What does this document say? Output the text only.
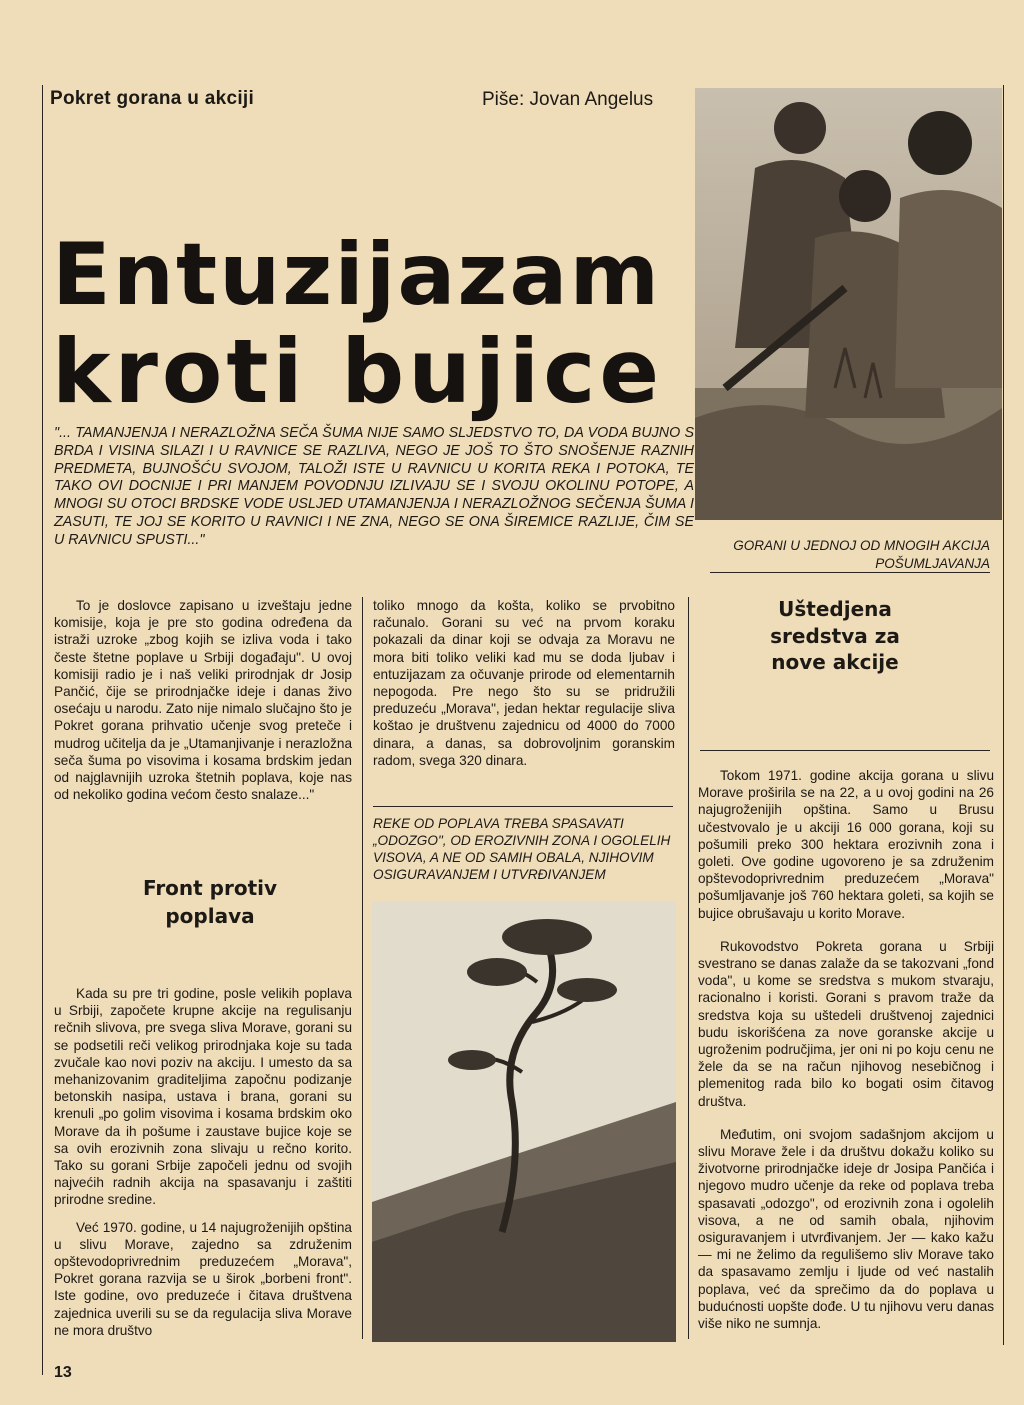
Pokret gorana u akciji	Piše: Jovan Angelus
Entuzijazam
kroti bujice
"... TAMANJENJA I NERAZLOŽNA SEČA ŠUMA NIJE SAMO SLJEDSTVO TO, DA VODA BUJNO S BRDA I VISINA SILAZI I U RAVNICE SE RAZLIVA, NEGO JE JOŠ TO ŠTO SNOŠENJE RAZNIH PREDMETA, BUJNOŠĆU SVOJOM, TALOŽI ISTE U RAVNICU U KORITA REKA I POTOKA, TE TAKO OVI DOCNIJE I PRI MANJEM POVODNJU IZLIVAJU SE I SVOJU OKOLINU POTOPE, A MNOGI SU OTOCI BRDSKE VODE USLJED UTAMANJENJA I NERAZLOŽNOG SEČENJA ŠUMA I ZASUTI, TE JOJ SE KORITO U RAVNICI I NE ZNA, NEGO SE ONA ŠIREMICE RAZLIJE, ČIM SE U RAVNICU SPUSTI..."	GORANI U JEDNOJ OD MNOGIH AKCIJA POŠUMLJAVANJA

To je doslovce zapisano u izveštaju jedne komisije, koja je pre sto godina određena da istraži uzroke „zbog kojih se izliva voda i tako česte štetne poplave u Srbiji događaju". U ovoj komisiji radio je i naš veliki prirodnjak dr Josip Pančić, čije se prirodnjačke ideje i danas živo osećaju u narodu. Zato nije nimalo slučajno što je Pokret gorana prihvatio učenje svog preteče i mudrog učitelja da je „Utamanjivanje i nerazložna seča šuma po visovima i kosama brdskim jedan od najglavnijih uzroka štetnih poplava, koje nas od nekoliko godina većom često snalaze..."

Front protiv poplava

Kada su pre tri godine, posle velikih poplava u Srbiji, započete krupne akcije na regulisanju rečnih slivova, pre svega sliva Morave, gorani su se podsetili reči velikog prirodnjaka koje su tada zvučale kao novi poziv na akciju. I umesto da sa mehanizovanim graditeljima započnu podizanje betonskih nasipa, ustava i brana, gorani su krenuli „po golim visovima i kosama brdskim oko Morave da ih pošume i zaustave bujice koje se sa ovih erozivnih zona slivaju u rečno korito. Tako su gorani Srbije započeli jednu od svojih najvećih radnih akcija na spasavanju i zaštiti prirodne sredine.

Već 1970. godine, u 14 najugroženijih opština u slivu Morave, zajedno sa združenim opštevodoprivrednim preduzećem „Morava", Pokret gorana razvija se u širok „borbeni front". Iste godine, ovo preduzeće i čitava društvena zajednica uverili su se da regulacija sliva Morave ne mora društvo

toliko mnogo da košta, koliko se prvobitno računalo. Gorani su već na prvom koraku pokazali da dinar koji se odvaja za Moravu ne mora biti toliko veliki kad mu se doda ljubav i entuzijazam za očuvanje prirode od elementarnih nepogoda. Pre nego što su se pridružili preduzeću „Morava", jedan hektar regulacije sliva koštao je društvenu zajednicu od 4000 do 7000 dinara, a danas, sa dobrovoljnim goranskim radom, svega 320 dinara.

REKE OD POPLAVA TREBA SPASAVATI „ODOZGO", OD EROZIVNIH ZONA I OGOLELIH VISOVA, A NE OD SAMIH OBALA, NJIHOVIM OSIGURAVANJEM I UTVRĐIVANJEM
Uštedjena sredstva za nove akcije

Tokom 1971. godine akcija gorana u slivu Morave proširila se na 22, a u ovoj godini na 26 najugroženijih opština. Samo u Brusu učestvovalo je u akciji 16 000 gorana, koji su pošumili preko 300 hektara erozivnih zona i goleti. Ove godine ugovoreno je sa združenim opštevodoprivrednim preduzećem „Morava" pošumljavanje još 760 hektara goleti, sa kojih se bujice obrušavaju u korito Morave.

Rukovodstvo Pokreta gorana u Srbiji svestrano se danas zalaže da se takozvani „fond voda", u kome se sredstva s mukom stvaraju, racionalno i koristi. Gorani s pravom traže da sredstva koja su uštedeli društvenoj zajednici budu iskorišćena za nove goranske akcije u ugroženim područjima, jer oni ni po koju cenu ne žele da se na račun njihovog nesebičnog i plemenitog rada bilo ko bogati osim čitavog društva.

Međutim, oni svojom sadašnjom akcijom u slivu Morave žele i da društvu dokažu koliko su životvorne prirodnjačke ideje dr Josipa Pančića i njegovo mudro učenje da reke od poplava treba spasavati „odozgo", od erozivnih zona i ogolelih visova, a ne od samih obala, njihovim osiguravanjem i utvrđivanjem. Jer — kako kažu — mi ne želimo da regulišemo sliv Morave tako da spasavamo zemlju i ljude od već nastalih poplava, već da sprečimo da do poplava u budućnosti uopšte dođe. U tu njihovu veru danas više niko ne sumnja.

13
